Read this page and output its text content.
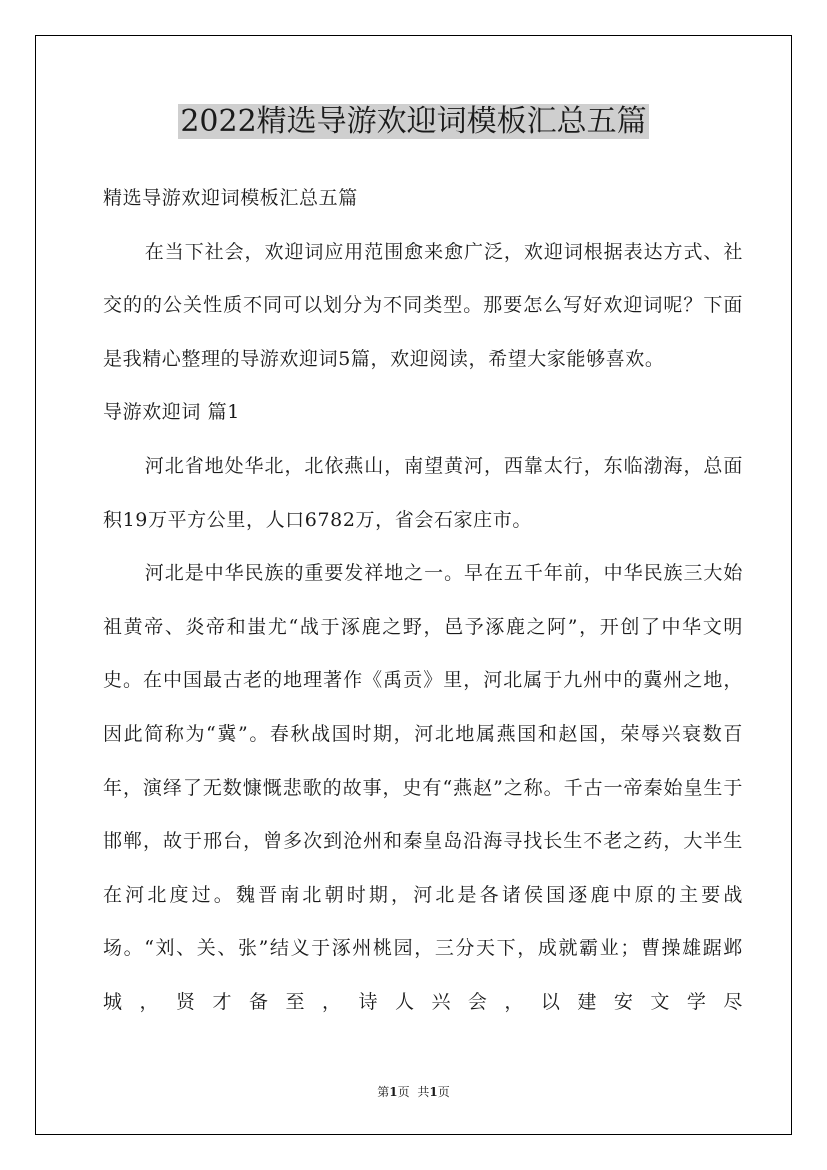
2022精选导游欢迎词模板汇总五篇

精选导游欢迎词模板汇总五篇

在当下社会，欢迎词应用范围愈来愈广泛，欢迎词根据表达方式、社交的的公关性质不同可以划分为不同类型。那要怎么写好欢迎词呢？下面是我精心整理的导游欢迎词5篇，欢迎阅读，希望大家能够喜欢。

导游欢迎词 篇1

河北省地处华北，北依燕山，南望黄河，西靠太行，东临渤海，总面积19万平方公里，人口6782万，省会石家庄市。

河北是中华民族的重要发祥地之一。早在五千年前，中华民族三大始祖黄帝、炎帝和蚩尤“战于涿鹿之野，邑予涿鹿之阿”，开创了中华文明史。在中国最古老的地理著作《禹贡》里，河北属于九州中的冀州之地，因此简称为“冀”。春秋战国时期，河北地属燕国和赵国，荣辱兴衰数百年，演绎了无数慷慨悲歌的故事，史有“燕赵”之称。千古一帝秦始皇生于邯郸，故于邢台，曾多次到沧州和秦皇岛沿海寻找长生不老之药，大半生在河北度过。魏晋南北朝时期，河北是各诸侯国逐鹿中原的主要战场。“刘、关、张”结义于涿州桃园，三分天下，成就霸业；曹操雄踞邺城，贤才备至，诗人兴会，以建安文学尽

第1页 共1页
